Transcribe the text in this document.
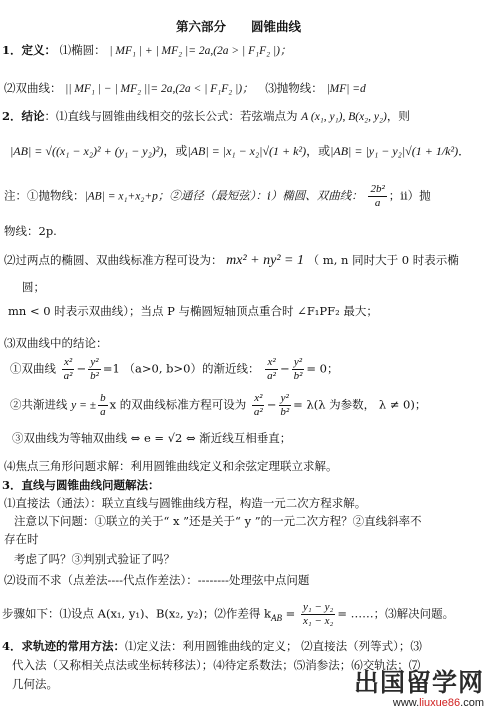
第六部分　　圆锥曲线
1．定义： ⑴椭圆： | MF₁ | + | MF₂ |= 2a,(2a > | F₁F₂ |)；
⑵双曲线： || MF₁ | − | MF₂ ||= 2a,(2a < | F₁F₂ |)； ⑶抛物线： |MF| =d
2．结论：⑴直线与圆锥曲线相交的弦长公式：若弦端点为 A (x₁, y₁), B(x₂, y₂)，则
|AB| = √((x₁ − x₂)² + (y₁ − y₂)²)，或|AB| = |x₁ − x₂|√(1 + k²)，或|AB| = |y₁ − y₂|√(1 + 1/k²)．
注：①抛物线：|AB| = x₁+x₂+p；②通径（最短弦）：ⅰ）椭圆、双曲线： $\frac{\text{2b²}}{a}$ ；ⅱ）抛
物线：2p.
⑵过两点的椭圆、双曲线标准方程可设为： mx² + ny² = 1 （ m, n 同时大于 0 时表示椭
圆；
mn < 0 时表示双曲线）；当点 P 与椭圆短轴顶点重合时 ∠F₁PF₂ 最大；
⑶双曲线中的结论：
①双曲线 $\frac{\text{x²}}{\text{a²}} - \frac{\text{y²}}{\text{b²}} =1$ （a>0, b>0）的渐近线： $\frac{\text{x²}}{\text{a²}} - \frac{\text{y²}}{\text{b²}} = 0$；
②共渐进线 y = ± $\frac{b}{a}$ x 的双曲线标准方程可设为 $\frac{\text{x²}}{\text{a²}} - \frac{\text{y²}}{\text{b²}} = \lambda(\lambda$ 为参数， λ ≠ 0)；
③双曲线为等轴双曲线 ⇔ e = √2 ⇔ 渐近线互相垂直；
⑷焦点三角形问题求解：利用圆锥曲线定义和余弦定理联立求解。
3．直线与圆锥曲线问题解法：
⑴直接法（通法）：联立直线与圆锥曲线方程，构造一元二次方程求解。
注意以下问题：①联立的关于“ x ”还是关于“ y ”的一元二次方程？②直线斜率不
存在时
考虑了吗？③判别式验证了吗？
⑵设而不求（点差法----代点作差法）：--------处理弦中点问题
步骤如下：⑴设点 A(x₁, y₁)、B(x₂, y₂)；⑵作差得 $k_{AB} = \frac{\text{y₁ − y₂}}{\text{x₁ − x₂}}$ = ……；⑶解决问题。
4．求轨迹的常用方法：⑴定义法：利用圆锥曲线的定义； ⑵直接法（列等式）；⑶
代入法（又称相关点法或坐标转移法）；⑷待定系数法；⑸消参法；⑹交轨法；⑺
几何法。	出国留学网
www.liuxue86.com
